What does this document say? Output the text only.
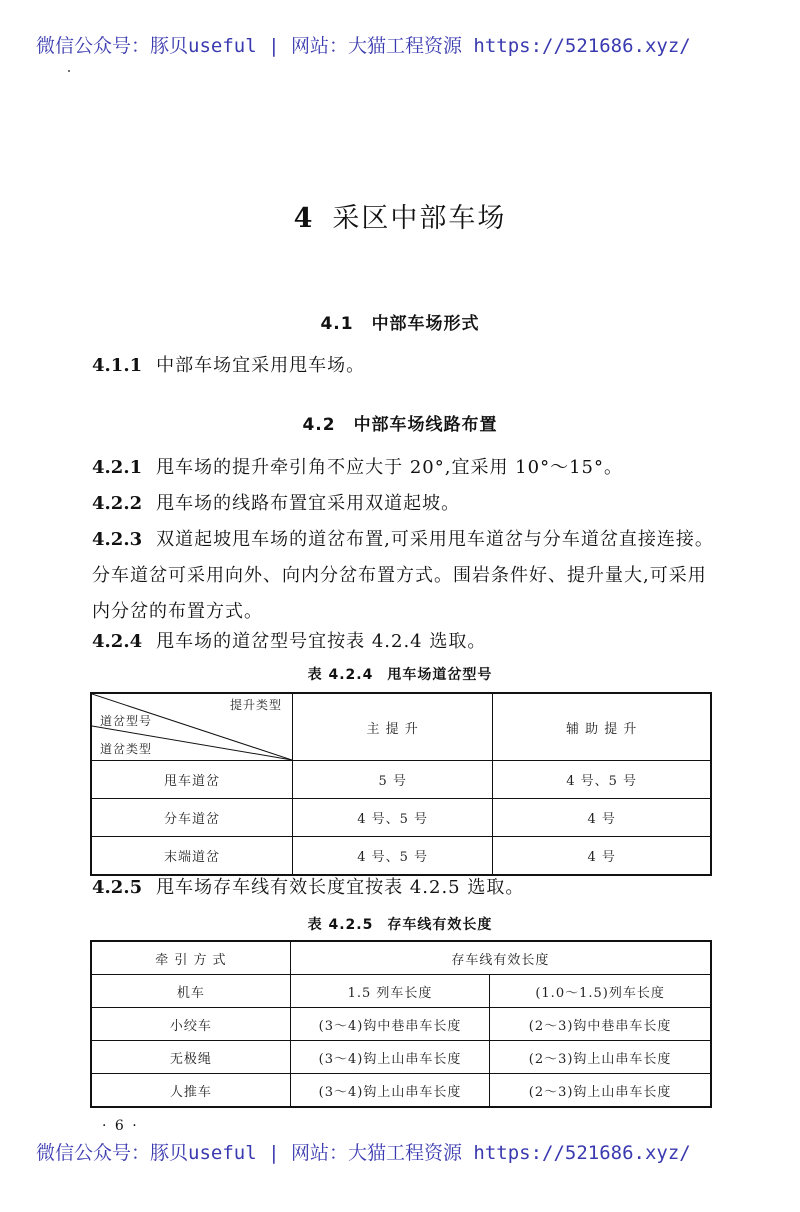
微信公众号：豚贝useful | 网站：大猫工程资源 https://521686.xyz/
4 采区中部车场
4.1 中部车场形式
4.1.1 中部车场宜采用甩车场。
4.2 中部车场线路布置
4.2.1 甩车场的提升牵引角不应大于 20°,宜采用 10°～15°。
4.2.2 甩车场的线路布置宜采用双道起坡。
4.2.3 双道起坡甩车场的道岔布置,可采用甩车道岔与分车道岔直接连接。分车道岔可采用向外、向内分岔布置方式。围岩条件好、提升量大,可采用内分岔的布置方式。
4.2.4 甩车场的道岔型号宜按表 4.2.4 选取。
表 4.2.4 甩车场道岔型号
提升类型
道岔型号
道岔类型	主 提 升	辅 助 提 升
甩车道岔	5 号	4 号、5 号
分车道岔	4 号、5 号	4 号
末端道岔	4 号、5 号	4 号
4.2.5 甩车场存车线有效长度宜按表 4.2.5 选取。
表 4.2.5 存车线有效长度
牵 引 方 式	存车线有效长度	
机车	1.5 列车长度	(1.0～1.5)列车长度
小绞车	(3～4)钩中巷串车长度	(2～3)钩中巷串车长度
无极绳	(3～4)钩上山串车长度	(2～3)钩上山串车长度
人推车	(3～4)钩上山串车长度	(2～3)钩上山串车长度
· 6 ·
微信公众号：豚贝useful | 网站：大猫工程资源 https://521686.xyz/
